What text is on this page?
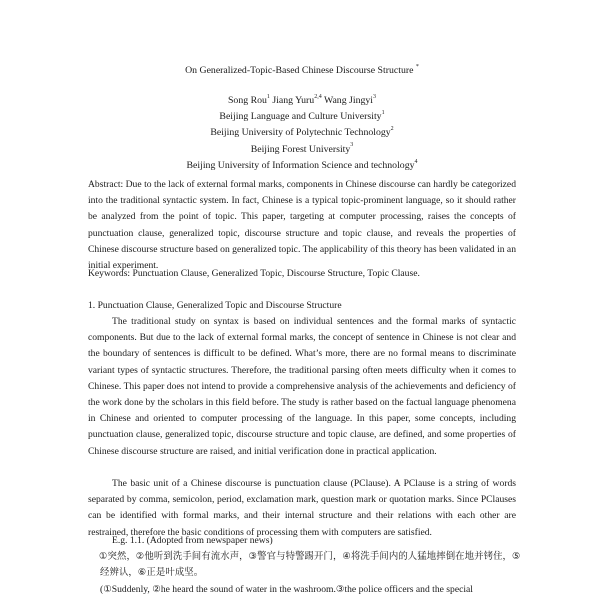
On Generalized-Topic-Based Chinese Discourse Structure *
Song Rou$^1$ Jiang Yuru$^{2,4}$ Wang Jingyi$^3$
Beijing Language and Culture University$^1$
Beijing University of Polytechnic Technology$^2$
Beijing Forest University$^3$
Beijing University of Information Science and technology$^4$
Abstract: Due to the lack of external formal marks, components in Chinese discourse can hardly be categorized into the traditional syntactic system. In fact, Chinese is a typical topic-prominent language, so it should rather be analyzed from the point of topic. This paper, targeting at computer processing, raises the concepts of punctuation clause, generalized topic, discourse structure and topic clause, and reveals the properties of Chinese discourse structure based on generalized topic. The applicability of this theory has been validated in an initial experiment.
Keywords: Punctuation Clause, Generalized Topic, Discourse Structure, Topic Clause.
1. Punctuation Clause, Generalized Topic and Discourse Structure
The traditional study on syntax is based on individual sentences and the formal marks of syntactic components. But due to the lack of external formal marks, the concept of sentence in Chinese is not clear and the boundary of sentences is difficult to be defined. What’s more, there are no formal means to discriminate variant types of syntactic structures. Therefore, the traditional parsing often meets difficulty when it comes to Chinese. This paper does not intend to provide a comprehensive analysis of the achievements and deficiency of the work done by the scholars in this field before. The study is rather based on the factual language phenomena in Chinese and oriented to computer processing of the language. In this paper, some concepts, including punctuation clause, generalized topic, discourse structure and topic clause, are defined, and some properties of Chinese discourse structure are raised, and initial verification done in practical application.
The basic unit of a Chinese discourse is punctuation clause (PClause). A PClause is a string of words separated by comma, semicolon, period, exclamation mark, question mark or quotation marks. Since PClauses can be identified with formal marks, and their internal structure and their relations with each other are restrained, therefore the basic conditions of processing them with computers are satisfied.
E.g. 1.1. (Adopted from newspaper news)
①突然，②他听到洗手间有流水声，③警官与特警踢开门，④将洗手间内的人猛地摔倒在地并铐住，⑤经辨认，⑥正是叶成坚。
(①Suddenly, ②he heard the sound of water in the washroom.③the police officers and the special
